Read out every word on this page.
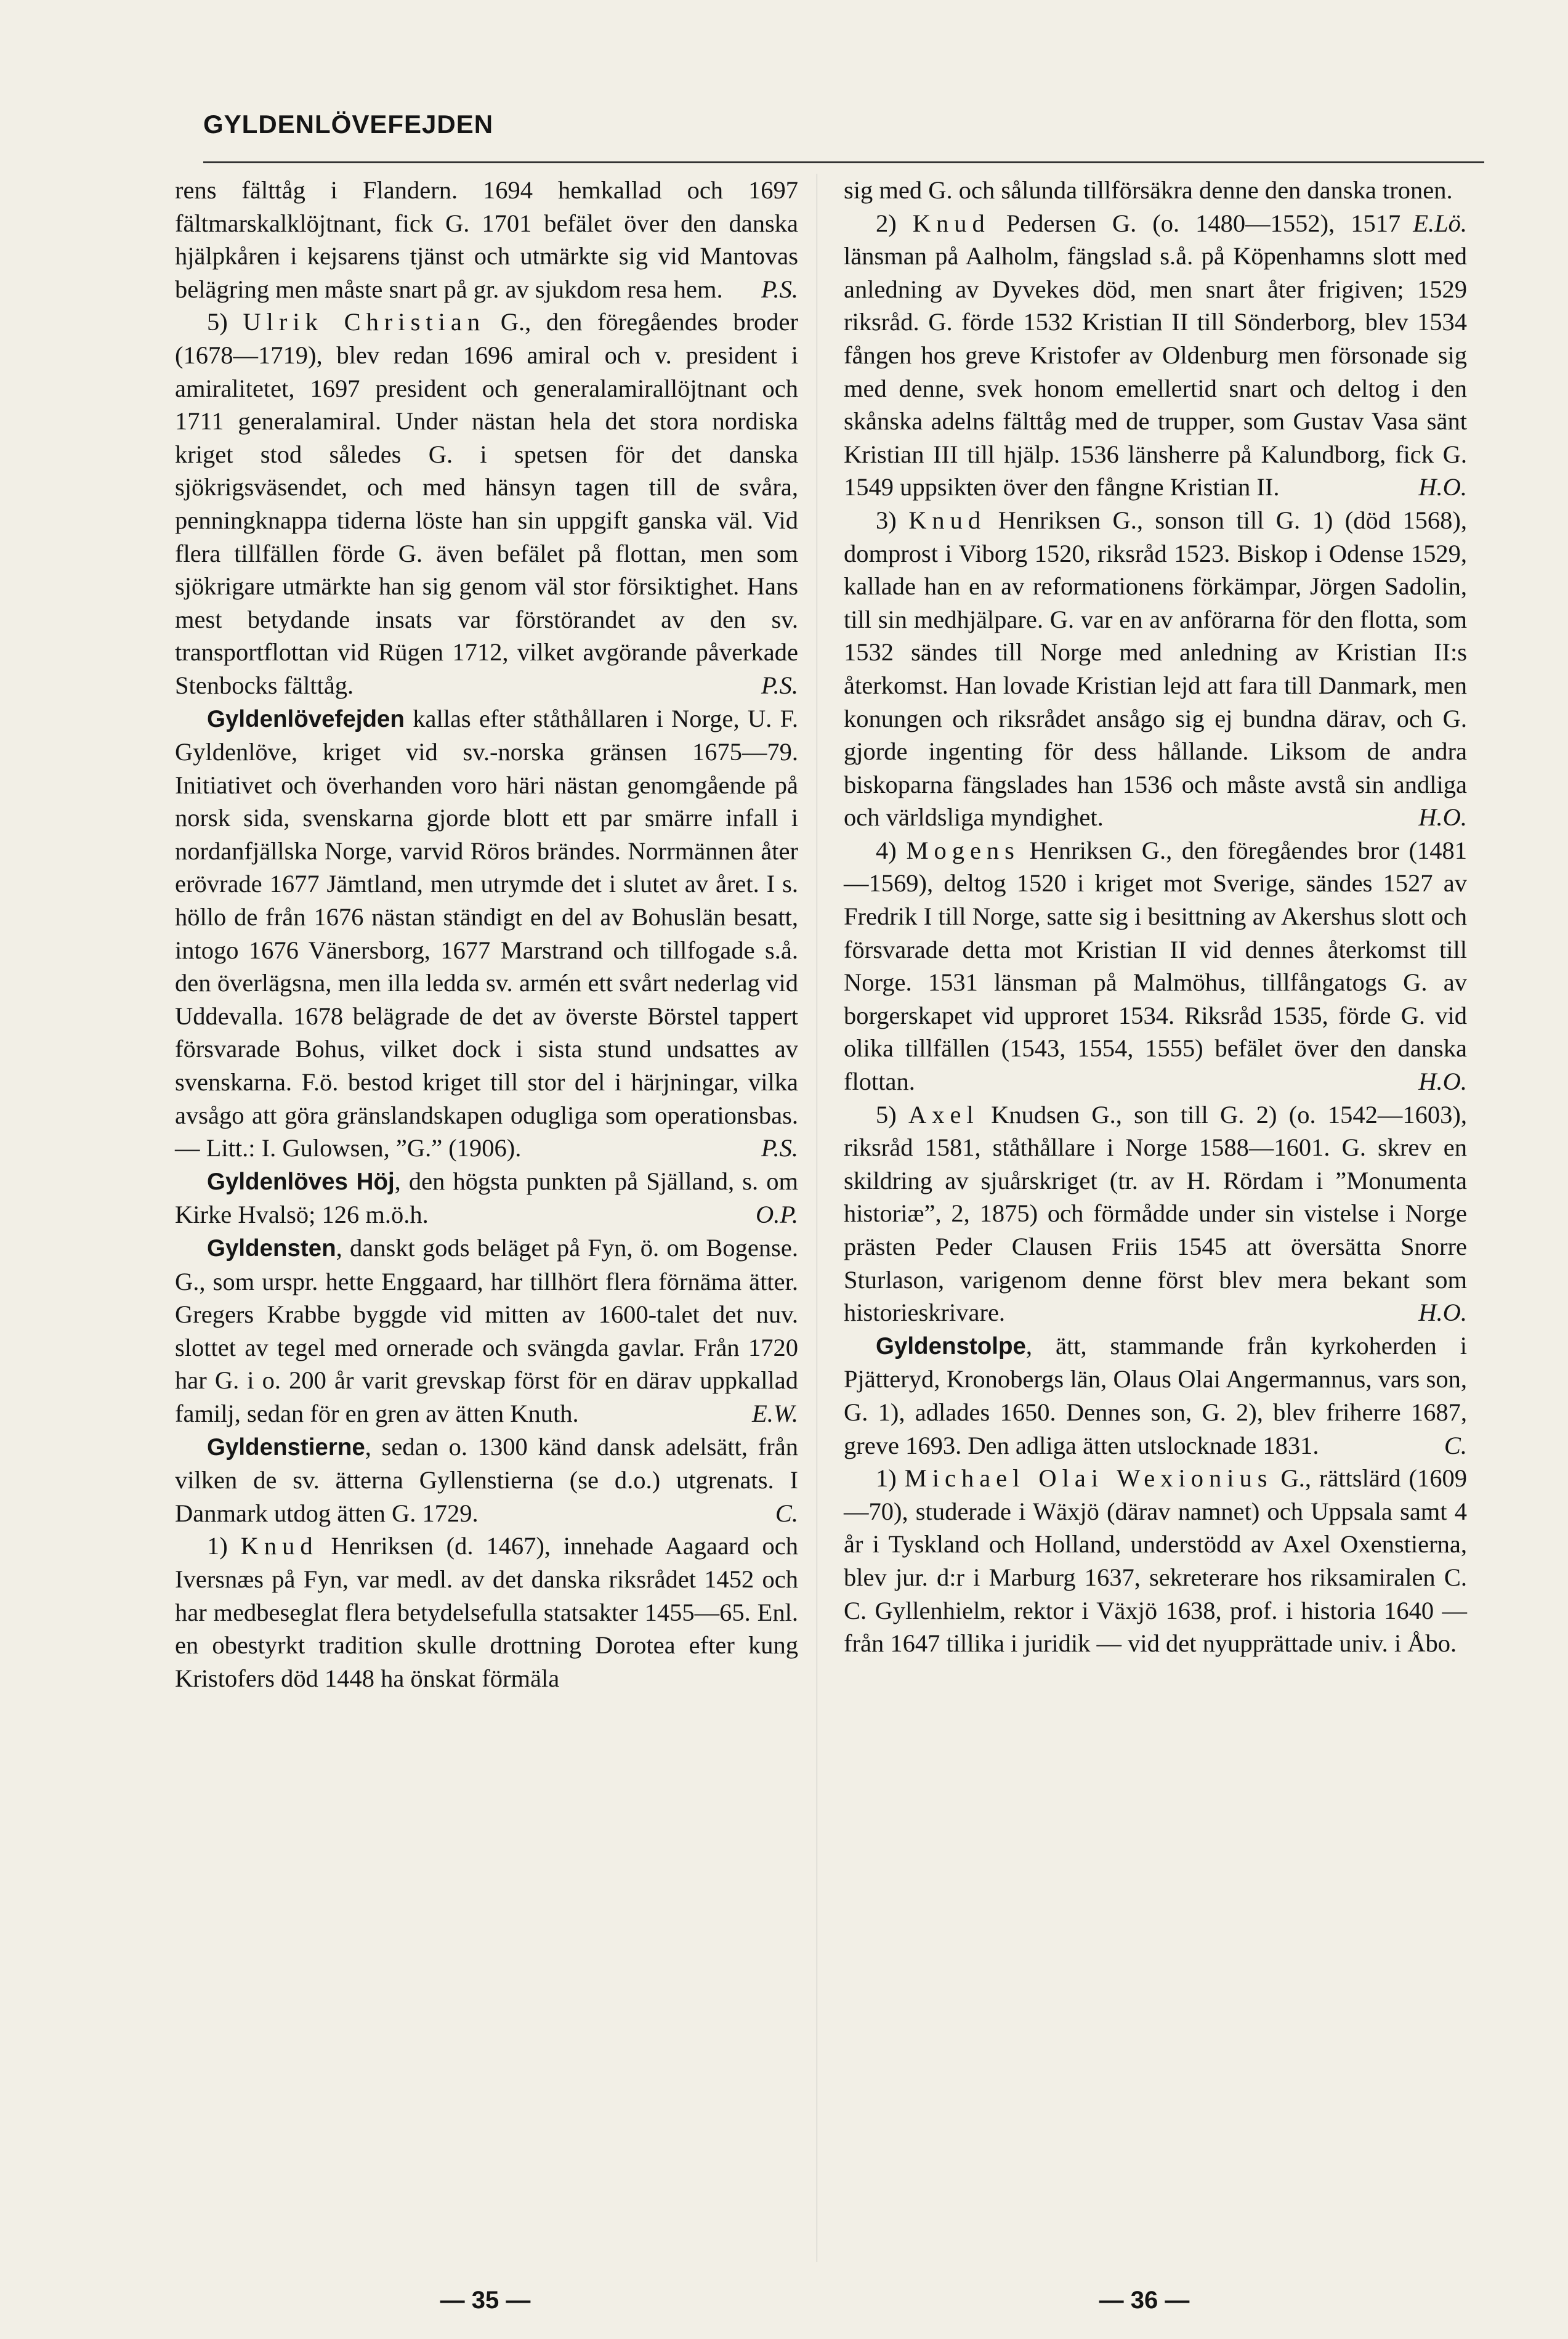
GYLDENLÖVEFEJDEN

rens fälttåg i Flandern. 1694 hemkallad och 1697 fältmarskalklöjtnant, fick G. 1701 befälet över den danska hjälpkåren i kejsarens tjänst och utmärkte sig vid Mantovas belägring men måste snart på gr. av sjukdom resa hem. P.S.

5) Ulrik Christian G., den föregåendes broder (1678—1719), blev redan 1696 amiral och v. president i amiralitetet, 1697 president och generalamirallöjtnant och 1711 generalamiral. Under nästan hela det stora nordiska kriget stod således G. i spetsen för det danska sjökrigsväsendet, och med hänsyn tagen till de svåra, penningknappa tiderna löste han sin uppgift ganska väl. Vid flera tillfällen förde G. även befälet på flottan, men som sjökrigare utmärkte han sig genom väl stor försiktighet. Hans mest betydande insats var förstörandet av den sv. transportflottan vid Rügen 1712, vilket avgörande påverkade Stenbocks fälttåg.	P.S.

Gyldenlövefejden kallas efter ståthållaren i Norge, U. F. Gyldenlöve, kriget vid sv.-norska gränsen 1675—79. Initiativet och överhanden voro häri nästan genomgående på norsk sida, svenskarna gjorde blott ett par smärre infall i nordanfjällska Norge, varvid Röros brändes. Norrmännen åter erövrade 1677 Jämtland, men utrymde det i slutet av året. I s. höllo de från 1676 nästan ständigt en del av Bohuslän besatt, intogo 1676 Vänersborg, 1677 Marstrand och tillfogade s.å. den överlägsna, men illa ledda sv. armén ett svårt nederlag vid Uddevalla. 1678 belägrade de det av överste Börstel tappert försvarade Bohus, vilket dock i sista stund undsattes av svenskarna. F.ö. bestod kriget till stor del i härjningar, vilka avsågo att göra gränslandskapen odugliga som operationsbas. — Litt.: I. Gulowsen, ”G.” (1906).	P.S.

Gyldenlöves Höj, den högsta punkten på Själland, s. om Kirke Hvalsö; 126 m.ö.h.	O.P.

Gyldensten, danskt gods beläget på Fyn, ö. om Bogense. G., som urspr. hette Enggaard, har tillhört flera förnäma ätter. Gregers Krabbe byggde vid mitten av 1600-talet det nuv. slottet av tegel med ornerade och svängda gavlar. Från 1720 har G. i o. 200 år varit grevskap först för en därav uppkallad familj, sedan för en gren av ätten Knuth.	E.W.

Gyldenstierne, sedan o. 1300 känd dansk adelsätt, från vilken de sv. ätterna Gyllenstierna (se d.o.) utgrenats. I Danmark utdog ätten G. 1729.	C.

1) Knud Henriksen (d. 1467), innehade Aagaard och Iversnæs på Fyn, var medl. av det danska riksrådet 1452 och har medbeseglat flera betydelsefulla statsakter 1455—65. Enl. en obestyrkt tradition skulle drottning Dorotea efter kung Kristofers död 1448 ha önskat förmäla

sig med G. och sålunda tillförsäkra denne den danska tronen.
E.Lö.

2) Knud Pedersen G. (o. 1480—1552), 1517 länsman på Aalholm, fängslad s.å. på Köpenhamns slott med anledning av Dyvekes död, men snart åter frigiven; 1529 riksråd. G. förde 1532 Kristian II till Sönderborg, blev 1534 fången hos greve Kristofer av Oldenburg men försonade sig med denne, svek honom emellertid snart och deltog i den skånska adelns fälttåg med de trupper, som Gustav Vasa sänt Kristian III till hjälp. 1536 länsherre på Kalundborg, fick G. 1549 uppsikten över den fångne Kristian II.	H.O.

3) Knud Henriksen G., sonson till G. 1) (död 1568), domprost i Viborg 1520, riksråd 1523. Biskop i Odense 1529, kallade han en av reformationens förkämpar, Jörgen Sadolin, till sin medhjälpare. G. var en av anförarna för den flotta, som 1532 sändes till Norge med anledning av Kristian II:s återkomst. Han lovade Kristian lejd att fara till Danmark, men konungen och riksrådet ansågo sig ej bundna därav, och G. gjorde ingenting för dess hållande. Liksom de andra biskoparna fängslades han 1536 och måste avstå sin andliga och världsliga myndighet.	H.O.

4) Mogens Henriksen G., den föregåendes bror (1481—1569), deltog 1520 i kriget mot Sverige, sändes 1527 av Fredrik I till Norge, satte sig i besittning av Akershus slott och försvarade detta mot Kristian II vid dennes återkomst till Norge. 1531 länsman på Malmöhus, tillfångatogs G. av borgerskapet vid upproret 1534. Riksråd 1535, förde G. vid olika tillfällen (1543, 1554, 1555) befälet över den danska flottan.	H.O.

5) Axel Knudsen G., son till G. 2) (o. 1542—1603), riksråd 1581, ståthållare i Norge 1588—1601. G. skrev en skildring av sjuårskriget (tr. av H. Rördam i ”Monumenta historiæ”, 2, 1875) och förmådde under sin vistelse i Norge prästen Peder Clausen Friis 1545 att översätta Snorre Sturlason, varigenom denne först blev mera bekant som historieskrivare.	H.O.

Gyldenstolpe, ätt, stammande från kyrkoherden i Pjätteryd, Kronobergs län, Olaus Olai Angermannus, vars son, G. 1), adlades 1650. Dennes son, G. 2), blev friherre 1687, greve 1693. Den adliga ätten utslocknade 1831.	C.

1) Michael Olai Wexionius G., rättslärd (1609—70), studerade i Wäxjö (därav namnet) och Uppsala samt 4 år i Tyskland och Holland, understödd av Axel Oxenstierna, blev jur. d:r i Marburg 1637, sekreterare hos riksamiralen C. C. Gyllenhielm, rektor i Växjö 1638, prof. i historia 1640 — från 1647 tillika i juridik — vid det nyupprättade univ. i Åbo.

— 35 —	— 36 —
